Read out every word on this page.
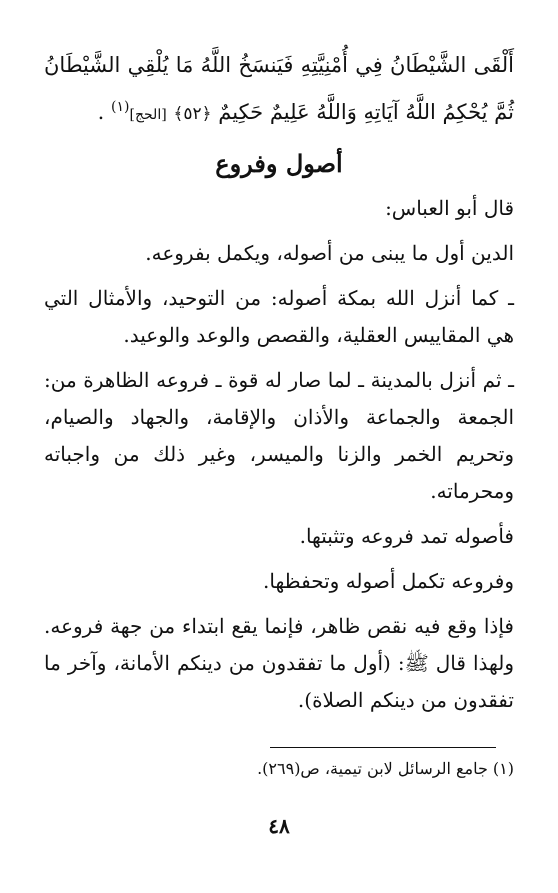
أَلْقَى الشَّيْطَانُ فِي أُمْنِيَّتِهِ فَيَنسَخُ اللَّهُ مَا يُلْقِي الشَّيْطَانُ ثُمَّ يُحْكِمُ اللَّهُ آيَاتِهِ وَاللَّهُ عَلِيمٌ حَكِيمٌ ﴿٥٢﴾ [الحج]$^{(١)}$ .

أصول وفروع

قال أبو العباس:

الدين أول ما يبنى من أصوله، ويكمل بفروعه.

ـ كما أنزل الله بمكة أصوله: من التوحيد، والأمثال التي هي المقاييس العقلية، والقصص والوعد والوعيد.

ـ ثم أنزل بالمدينة ـ لما صار له قوة ـ فروعه الظاهرة من: الجمعة والجماعة والأذان والإقامة، والجهاد والصيام، وتحريم الخمر والزنا والميسر، وغير ذلك من واجباته ومحرماته.

فأصوله تمد فروعه وتثبتها.

وفروعه تكمل أصوله وتحفظها.

فإذا وقع فيه نقص ظاهر، فإنما يقع ابتداء من جهة فروعه. ولهذا قال ﷺ: (أول ما تفقدون من دينكم الأمانة، وآخر ما تفقدون من دينكم الصلاة).

(١) جامع الرسائل لابن تيمية، ص(٢٦٩).
٤٨
